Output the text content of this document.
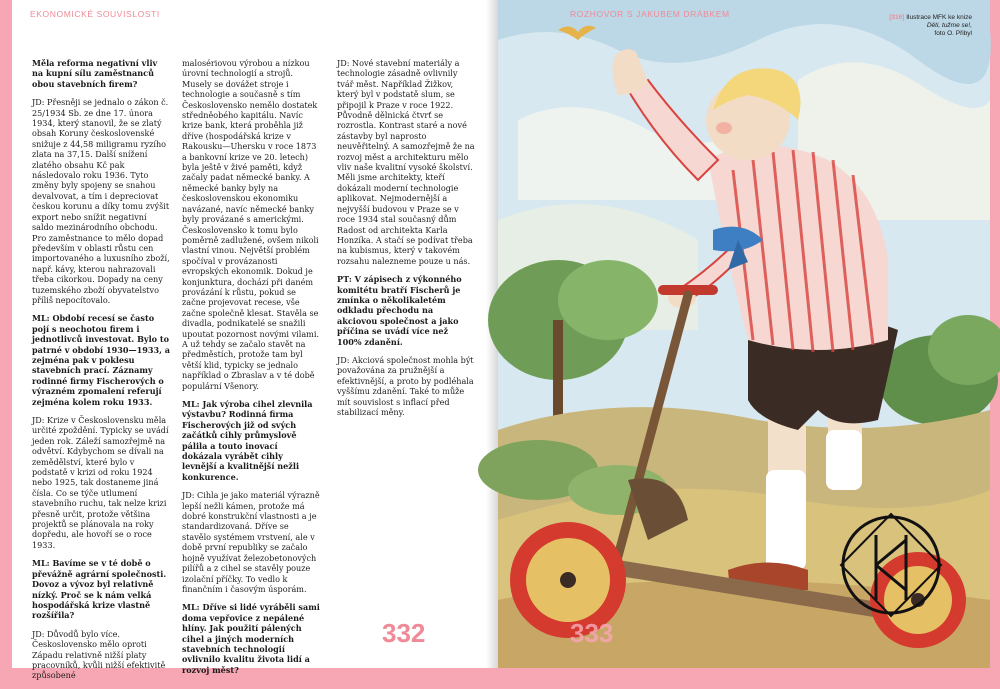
EKONOMICKÉ SOUVISLOSTI

Měla reforma negativní vliv na kupní sílu zaměstnanců obou stavebních firem?

JD: Přesněji se jednalo o zákon č. 25/1934 Sb. ze dne 17. února 1934, který stanovil, že se zlatý obsah Koruny československé snižuje z 44,58 miligramu ryzího zlata na 37,15. Další snížení zlatého obsahu Kč pak následovalo roku 1936. Tyto změny byly spojeny se snahou devalvovat, a tím i depreciovat českou korunu a díky tomu zvýšit export nebo snížit negativní saldo mezinárodního obchodu. Pro zaměstnance to mělo dopad především v oblasti růstu cen importovaného a luxusního zboží, např. kávy, kterou nahrazovali třeba cikorkou. Dopady na ceny tuzemského zboží obyvatelstvo příliš nepocítovalo.

ML: Období recesí se často pojí s neochotou firem i jednotlivců investovat. Bylo to patrné v období 1930—1933, a zejména pak v poklesu stavebních prací. Záznamy rodinné firmy Fischerových o výrazném zpomalení referují zejména kolem roku 1933.

JD: Krize v Československu měla určité zpoždění. Typicky se uvádí jeden rok. Záleží samozřejmě na odvětví. Kdybychom se dívali na zemědělství, které bylo v podstatě v krizi od roku 1924 nebo 1925, tak dostaneme jiná čísla. Co se týče utlumení stavebního ruchu, tak nelze krizi přesně určit, protože většina projektů se plánovala na roky dopředu, ale hovoří se o roce 1933.

ML: Bavíme se v té době o převážně agrární společnosti. Dovoz a vývoz byl relativně nízký. Proč se k nám velká hospodářská krize vlastně rozšířila?

JD: Důvodů bylo více. Československo mělo oproti Západu relativně nižší platy pracovníků, kvůli nižší efektivitě způsobené

malosériovou výrobou a nízkou úrovní technologií a strojů. Musely se dovážet stroje i technologie a současně s tím Československo nemělo dostatek středněobého kapitálu. Navíc krize bank, která proběhla již dříve (hospodářská krize v Rakousku—Uhersku v roce 1873 a bankovní krize ve 20. letech) byla ještě v živé paměti, když začaly padat německé banky. A německé banky byly na československou ekonomiku navázané, navíc německé banky byly provázané s americkými. Československo k tomu bylo poměrně zadlužené, ovšem nikoli vlastní vinou. Největší problém spočíval v provázanosti evropských ekonomik. Dokud je konjunktura, dochází při daném provázání k růstu, pokud se začne projevovat recese, vše začne společně klesat. Stavěla se divadla, podnikatelé se snažili upoutat pozornost novými vilami. A už tehdy se začalo stavět na předměstích, protože tam byl větší klid, typicky se jednalo například o Zbraslav a v té době populární Všenory.

ML: Jak výroba cihel zlevnila výstavbu? Rodinná firma Fischerových již od svých začátků cihly průmyslově pálila a touto inovací dokázala vyrábět cihly levnější a kvalitnější nežli konkurence.

JD: Cihla je jako materiál výrazně lepší nežli kámen, protože má dobré konstrukční vlastnosti a je standardizovaná. Dříve se stavělo systémem vrstvení, ale v době první republiky se začalo hojně využívat železobetonových pilířů a z cihel se stavěly pouze izolační příčky. To vedlo k finančním i časovým úsporám.

ML: Dříve si lidé vyráběli sami doma vepřovice z nepálené hlíny. Jak použití pálených cihel a jiných moderních stavebních technologií ovlivnilo kvalitu života lidí a rozvoj měst?

JD: Nové stavební materiály a technologie zásadně ovlivnily tvář měst. Například Žižkov, který byl v podstatě slum, se připojil k Praze v roce 1922. Původně dělnická čtvrť se rozrostla. Kontrast staré a nové zástavby byl naprosto neuvěřitelný. A samozřejmě že na rozvoj měst a architekturu mělo vliv naše kvalitní vysoké školství. Měli jsme architekty, kteří dokázali moderní technologie aplikovat. Nejmodernější a nejvyšší budovou v Praze se v roce 1934 stal současný dům Radost od architekta Karla Honzíka. A stačí se podívat třeba na kubismus, který v takovém rozsahu nalezneme pouze u nás.

PT: V zápisech z výkonného komitétu bratří Fischerů je zmínka o několikaletém odkladu přechodu na akciovou společnost a jako příčina se uvádí více než 100% zdanění.

JD: Akciová společnost mohla být považována za pružnější a efektivnější, a proto by podléhala vyššímu zdanění. Také to může mít souvislost s inflací před stabilizací měny.

332
ROZHOVOR S JAKUBEM DRÁBKEM	[316] Ilustrace MFK ke knize
Děti, tužme se!,
foto O. Přibyl
333
